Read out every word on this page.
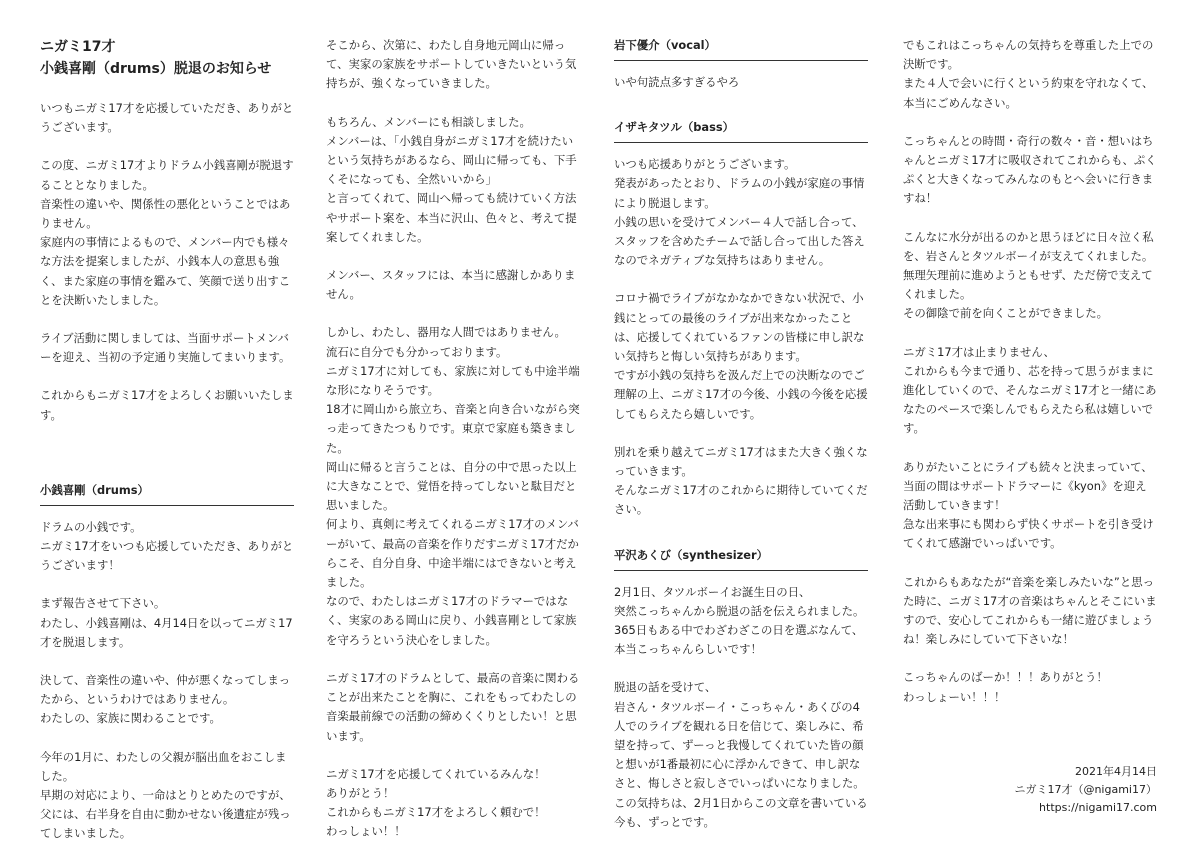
ニガミ17才
小銭喜剛（drums）脱退のお知らせ

いつもニガミ17才を応援していただき、ありがとうございます。

この度、ニガミ17才よりドラム小銭喜剛が脱退することとなりました。
音楽性の違いや、関係性の悪化ということではありません。
家庭内の事情によるもので、メンバー内でも様々な方法を提案しましたが、小銭本人の意思も強く、また家庭の事情を鑑みて、笑顔で送り出すことを決断いたしました。

ライブ活動に関しましては、当面サポートメンバーを迎え、当初の予定通り実施してまいります。

これからもニガミ17才をよろしくお願いいたします。

小銭喜剛（drums）

ドラムの小銭です。
ニガミ17才をいつも応援していただき、ありがとうございます！

まず報告させて下さい。
わたし、小銭喜剛は、4月14日を以ってニガミ17才を脱退します。

決して、音楽性の違いや、仲が悪くなってしまったから、というわけではありません。
わたしの、家族に関わることです。

今年の1月に、わたしの父親が脳出血をおこしました。
早期の対応により、一命はとりとめたのですが、父には、右半身を自由に動かせない後遺症が残ってしまいました。

そこから、次第に、わたし自身地元岡山に帰って、実家の家族をサポートしていきたいという気持ちが、強くなっていきました。

もちろん、メンバーにも相談しました。
メンバーは、「小銭自身がニガミ17才を続けたいという気持ちがあるなら、岡山に帰っても、下手くそになっても、全然いいから」
と言ってくれて、岡山へ帰っても続けていく方法やサポート案を、本当に沢山、色々と、考えて提案してくれました。

メンバー、スタッフには、本当に感謝しかありません。

しかし、わたし、器用な人間ではありません。
流石に自分でも分かっております。
ニガミ17才に対しても、家族に対しても中途半端な形になりそうです。
18才に岡山から旅立ち、音楽と向き合いながら突っ走ってきたつもりです。東京で家庭も築きました。
岡山に帰ると言うことは、自分の中で思った以上に大きなことで、覚悟を持ってしないと駄目だと思いました。
何より、真剣に考えてくれるニガミ17才のメンバーがいて、最高の音楽を作りだすニガミ17才だからこそ、自分自身、中途半端にはできないと考えました。
なので、わたしはニガミ17才のドラマーではなく、実家のある岡山に戻り、小銭喜剛として家族を守ろうという決心をしました。

ニガミ17才のドラムとして、最高の音楽に関わることが出来たことを胸に、これをもってわたしの音楽最前線での活動の締めくくりとしたい！と思います。

ニガミ17才を応援してくれているみんな！
ありがとう！
これからもニガミ17才をよろしく頼むで！
わっしょい！！

岩下優介（vocal）

いや句読点多すぎるやろ

イザキタツル（bass）

いつも応援ありがとうございます。
発表があったとおり、ドラムの小銭が家庭の事情により脱退します。
小銭の思いを受けてメンバー４人で話し合って、スタッフを含めたチームで話し合って出した答えなのでネガティブな気持ちはありません。

コロナ禍でライブがなかなかできない状況で、小銭にとっての最後のライブが出来なかったことは、応援してくれているファンの皆様に申し訳ない気持ちと悔しい気持ちがあります。
ですが小銭の気持ちを汲んだ上での決断なのでご理解の上、ニガミ17才の今後、小銭の今後を応援してもらえたら嬉しいです。

別れを乗り越えてニガミ17才はまた大きく強くなっていきます。
そんなニガミ17才のこれからに期待していてください。

平沢あくび（synthesizer）

2月1日、タツルボーイお誕生日の日、
突然こっちゃんから脱退の話を伝えられました。
365日もある中でわざわざこの日を選ぶなんて、本当こっちゃんらしいです！

脱退の話を受けて、
岩さん・タツルボーイ・こっちゃん・あくびの4人でのライブを観れる日を信じて、楽しみに、希望を持って、ずーっと我慢してくれていた皆の顔と想いが1番最初に心に浮かんできて、申し訳なさと、悔しさと寂しさでいっぱいになりました。
この気持ちは、2月1日からこの文章を書いている今も、ずっとです。

でもこれはこっちゃんの気持ちを尊重した上での決断です。
また４人で会いに行くという約束を守れなくて、本当にごめんなさい。

こっちゃんとの時間・奇行の数々・音・想いはちゃんとニガミ17才に吸収されてこれからも、ぷくぷくと大きくなってみんなのもとへ会いに行きますね！

こんなに水分が出るのかと思うほどに日々泣く私を、岩さんとタツルボーイが支えてくれました。
無理矢理前に進めようともせず、ただ傍で支えてくれました。
その御陰で前を向くことができました。

ニガミ17才は止まりません、
これからも今まで通り、芯を持って思うがままに進化していくので、そんなニガミ17才と一緒にあなたのペースで楽しんでもらえたら私は嬉しいです。

ありがたいことにライブも続々と決まっていて、当面の間はサポートドラマーに《kyon》を迎え活動していきます！
急な出来事にも関わらず快くサポートを引き受けてくれて感謝でいっぱいです。

これからもあなたが“音楽を楽しみたいな”と思った時に、ニガミ17才の音楽はちゃんとそこにいますので、安心してこれからも一緒に遊びましょうね！楽しみにしていて下さいな！

こっちゃんのばーか！！！ありがとう！
わっしょーい！！！

2021年4月14日
ニガミ17才（@nigami17）
https://nigami17.com
